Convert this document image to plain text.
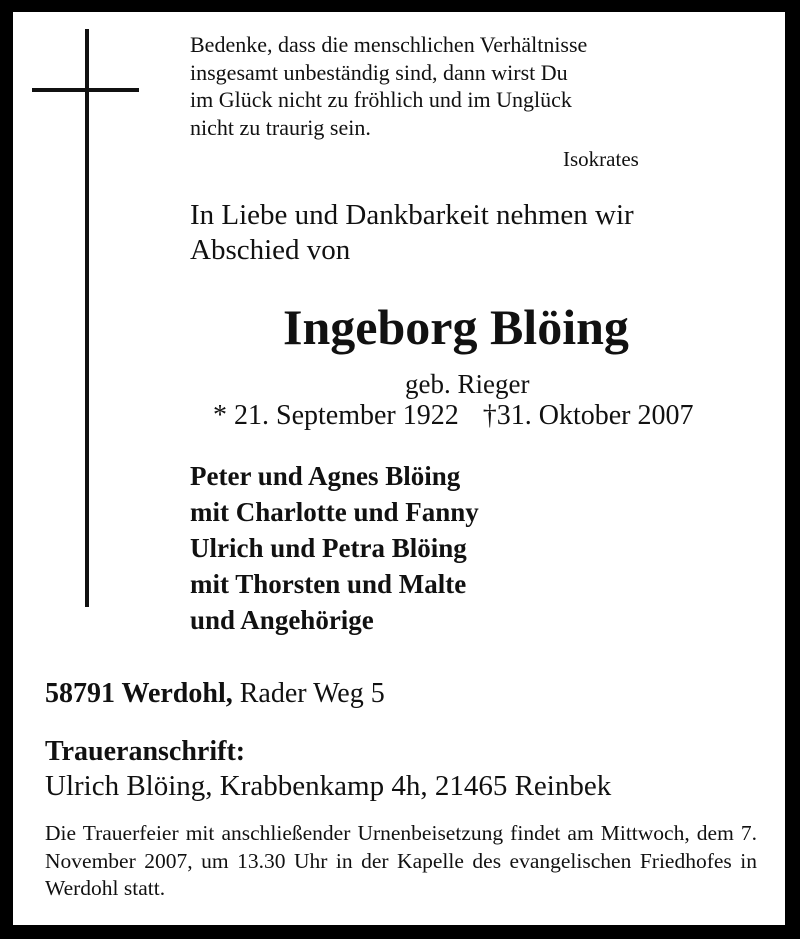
Bedenke, dass die menschlichen Verhältnisse
insgesamt unbeständig sind, dann wirst Du
im Glück nicht zu fröhlich und im Unglück
nicht zu traurig sein.
Isokrates
In Liebe und Dankbarkeit nehmen wir
Abschied von
Ingeborg Blöing
geb. Rieger
* 21. September 1922 †31. Oktober 2007
Peter und Agnes Blöing
mit Charlotte und Fanny
Ulrich und Petra Blöing
mit Thorsten und Malte
und Angehörige
58791 Werdohl, Rader Weg 5
Traueranschrift:
Ulrich Blöing, Krabbenkamp 4h, 21465 Reinbek
Die Trauerfeier mit anschließender Urnenbeisetzung findet am Mittwoch, dem 7. November 2007, um 13.30 Uhr in der Kapelle des evangelischen Friedhofes in Werdohl statt.
